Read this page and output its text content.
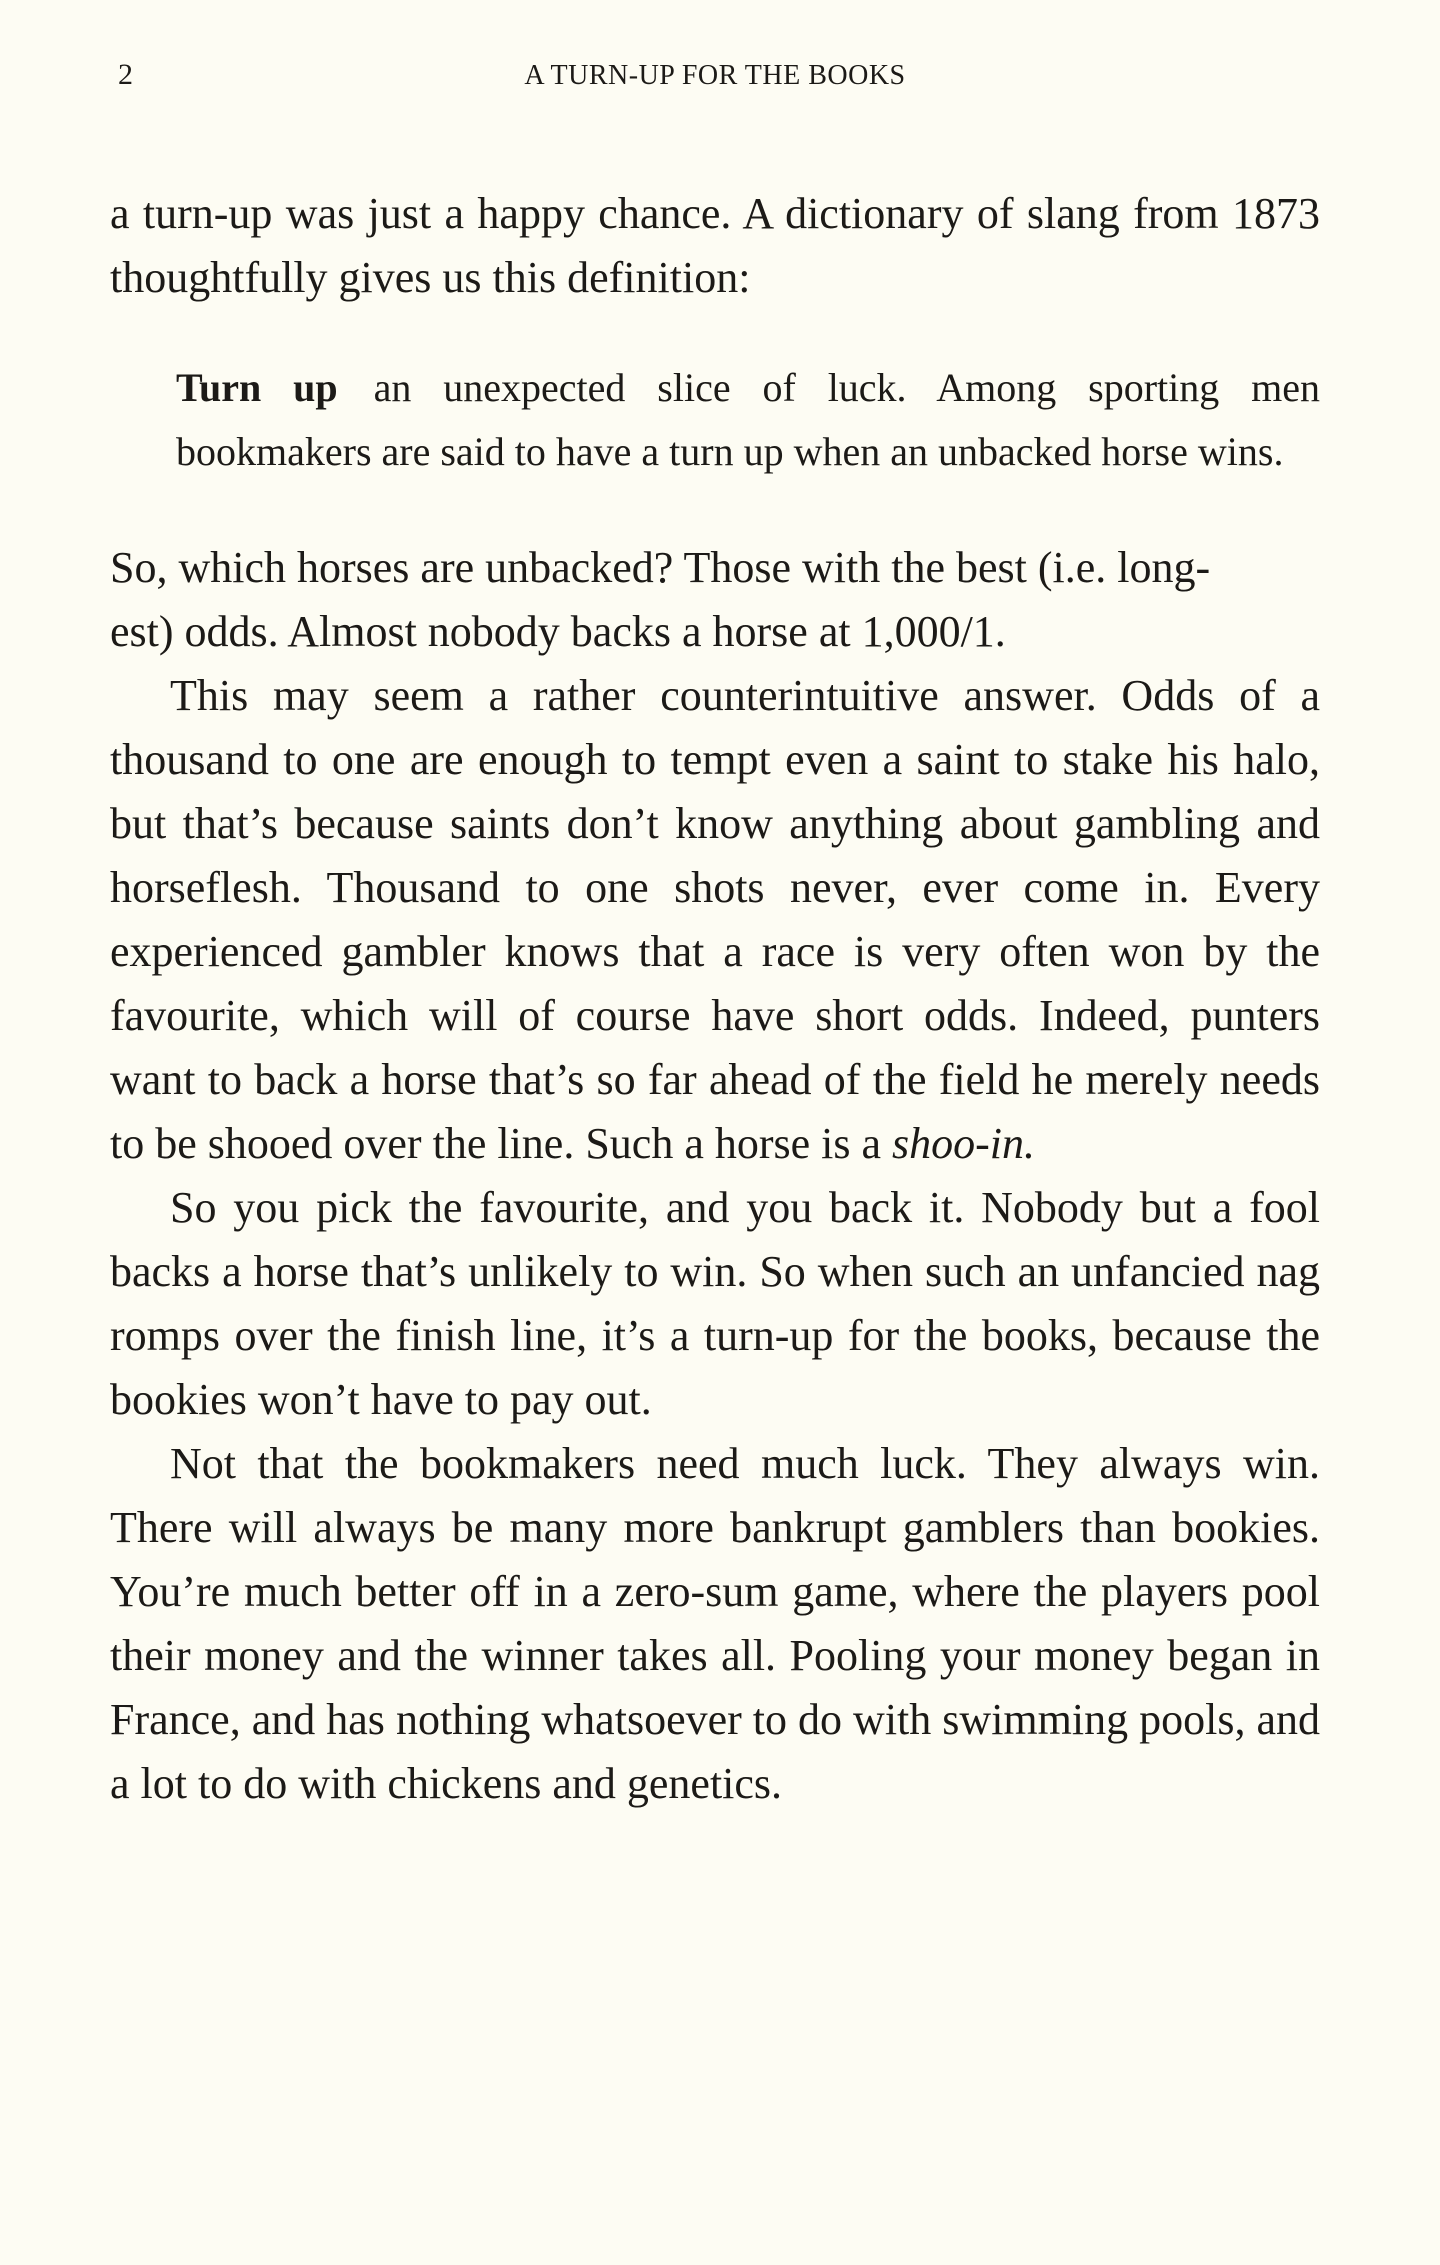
2	A TURN-UP FOR THE BOOKS

a turn-up was just a happy chance. A dictionary of slang from 1873 thoughtfully gives us this definition:

Turn up an unexpected slice of luck. Among sporting men bookmakers are said to have a turn up when an unbacked horse wins.

So, which horses are unbacked? Those with the best (i.e. long-
est) odds. Almost nobody backs a horse at 1,000/1.

This may seem a rather counterintuitive answer. Odds of a thousand to one are enough to tempt even a saint to stake his halo, but that’s because saints don’t know anything about gambling and horseflesh. Thousand to one shots never, ever come in. Every experienced gambler knows that a race is very often won by the favourite, which will of course have short odds. Indeed, punters want to back a horse that’s so far ahead of the field he merely needs to be shooed over the line. Such a horse is a shoo-in.

So you pick the favourite, and you back it. Nobody but a fool backs a horse that’s unlikely to win. So when such an unfancied nag romps over the finish line, it’s a turn-up for the books, because the bookies won’t have to pay out.

Not that the bookmakers need much luck. They always win. There will always be many more bankrupt gamblers than bookies. You’re much better off in a zero-sum game, where the players pool their money and the winner takes all. Pooling your money began in France, and has nothing whatsoever to do with swimming pools, and a lot to do with chickens and genetics.
